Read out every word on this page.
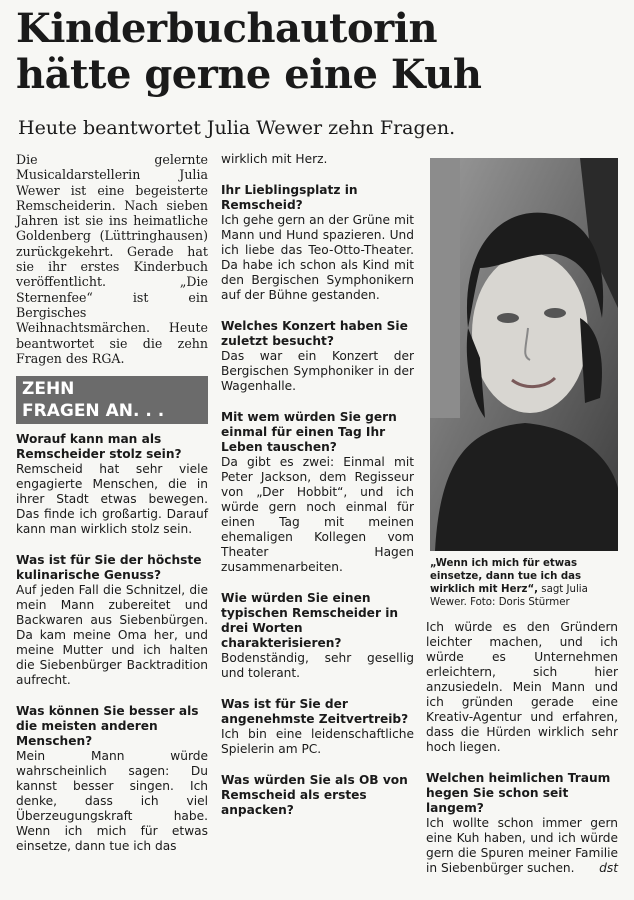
Kinderbuchautorin
hätte gerne eine Kuh

Heute beantwortet Julia Wewer zehn Fragen.

Die gelernte Musicaldarstellerin Julia Wewer ist eine begeisterte Remscheiderin. Nach sieben Jahren ist sie ins heimatliche Goldenberg (Lüttringhausen) zurückgekehrt. Gerade hat sie ihr erstes Kinderbuch veröffentlicht. „Die Sternenfee“ ist ein Bergisches Weihnachtsmärchen. Heute beantwortet sie die zehn Fragen des RGA.

ZEHN
FRAGEN AN. . .

Worauf kann man als Remscheider stolz sein?

Remscheid hat sehr viele engagierte Menschen, die in ihrer Stadt etwas bewegen. Das finde ich großartig. Darauf kann man wirklich stolz sein.

Was ist für Sie der höchste kulinarische Genuss?

Auf jeden Fall die Schnitzel, die mein Mann zubereitet und Backwaren aus Siebenbürgen. Da kam meine Oma her, und meine Mutter und ich halten die Siebenbürger Backtradition aufrecht.

Was können Sie besser als die meisten anderen Menschen?

Mein Mann würde wahrscheinlich sagen: Du kannst besser singen. Ich denke, dass ich viel Überzeugungskraft habe. Wenn ich mich für etwas einsetze, dann tue ich das

wirklich mit Herz.

Ihr Lieblingsplatz in Remscheid?

Ich gehe gern an der Grüne mit Mann und Hund spazieren. Und ich liebe das Teo-Otto-Theater. Da habe ich schon als Kind mit den Bergischen Symphonikern auf der Bühne gestanden.

Welches Konzert haben Sie zuletzt besucht?

Das war ein Konzert der Bergischen Symphoniker in der Wagenhalle.

Mit wem würden Sie gern einmal für einen Tag Ihr Leben tauschen?

Da gibt es zwei: Einmal mit Peter Jackson, dem Regisseur von „Der Hobbit“, und ich würde gern noch einmal für einen Tag mit meinen ehemaligen Kollegen vom Theater Hagen zusammenarbeiten.

Wie würden Sie einen typischen Remscheider in drei Worten charakterisieren?

Bodenständig, sehr gesellig und tolerant.

Was ist für Sie der angenehmste Zeitvertreib?

Ich bin eine leidenschaftliche Spielerin am PC.

Was würden Sie als OB von Remscheid als erstes anpacken?

„Wenn ich mich für etwas einsetze, dann tue ich das wirklich mit Herz“, sagt Julia Wewer. Foto: Doris Stürmer

Ich würde es den Gründern leichter machen, und ich würde es Unternehmen erleichtern, sich hier anzusiedeln. Mein Mann und ich gründen gerade eine Kreativ-Agentur und erfahren, dass die Hürden wirklich sehr hoch liegen.

Welchen heimlichen Traum hegen Sie schon seit langem?

Ich wollte schon immer gern eine Kuh haben, und ich würde gern die Spuren meiner Familie in Siebenbürger suchen. dst
